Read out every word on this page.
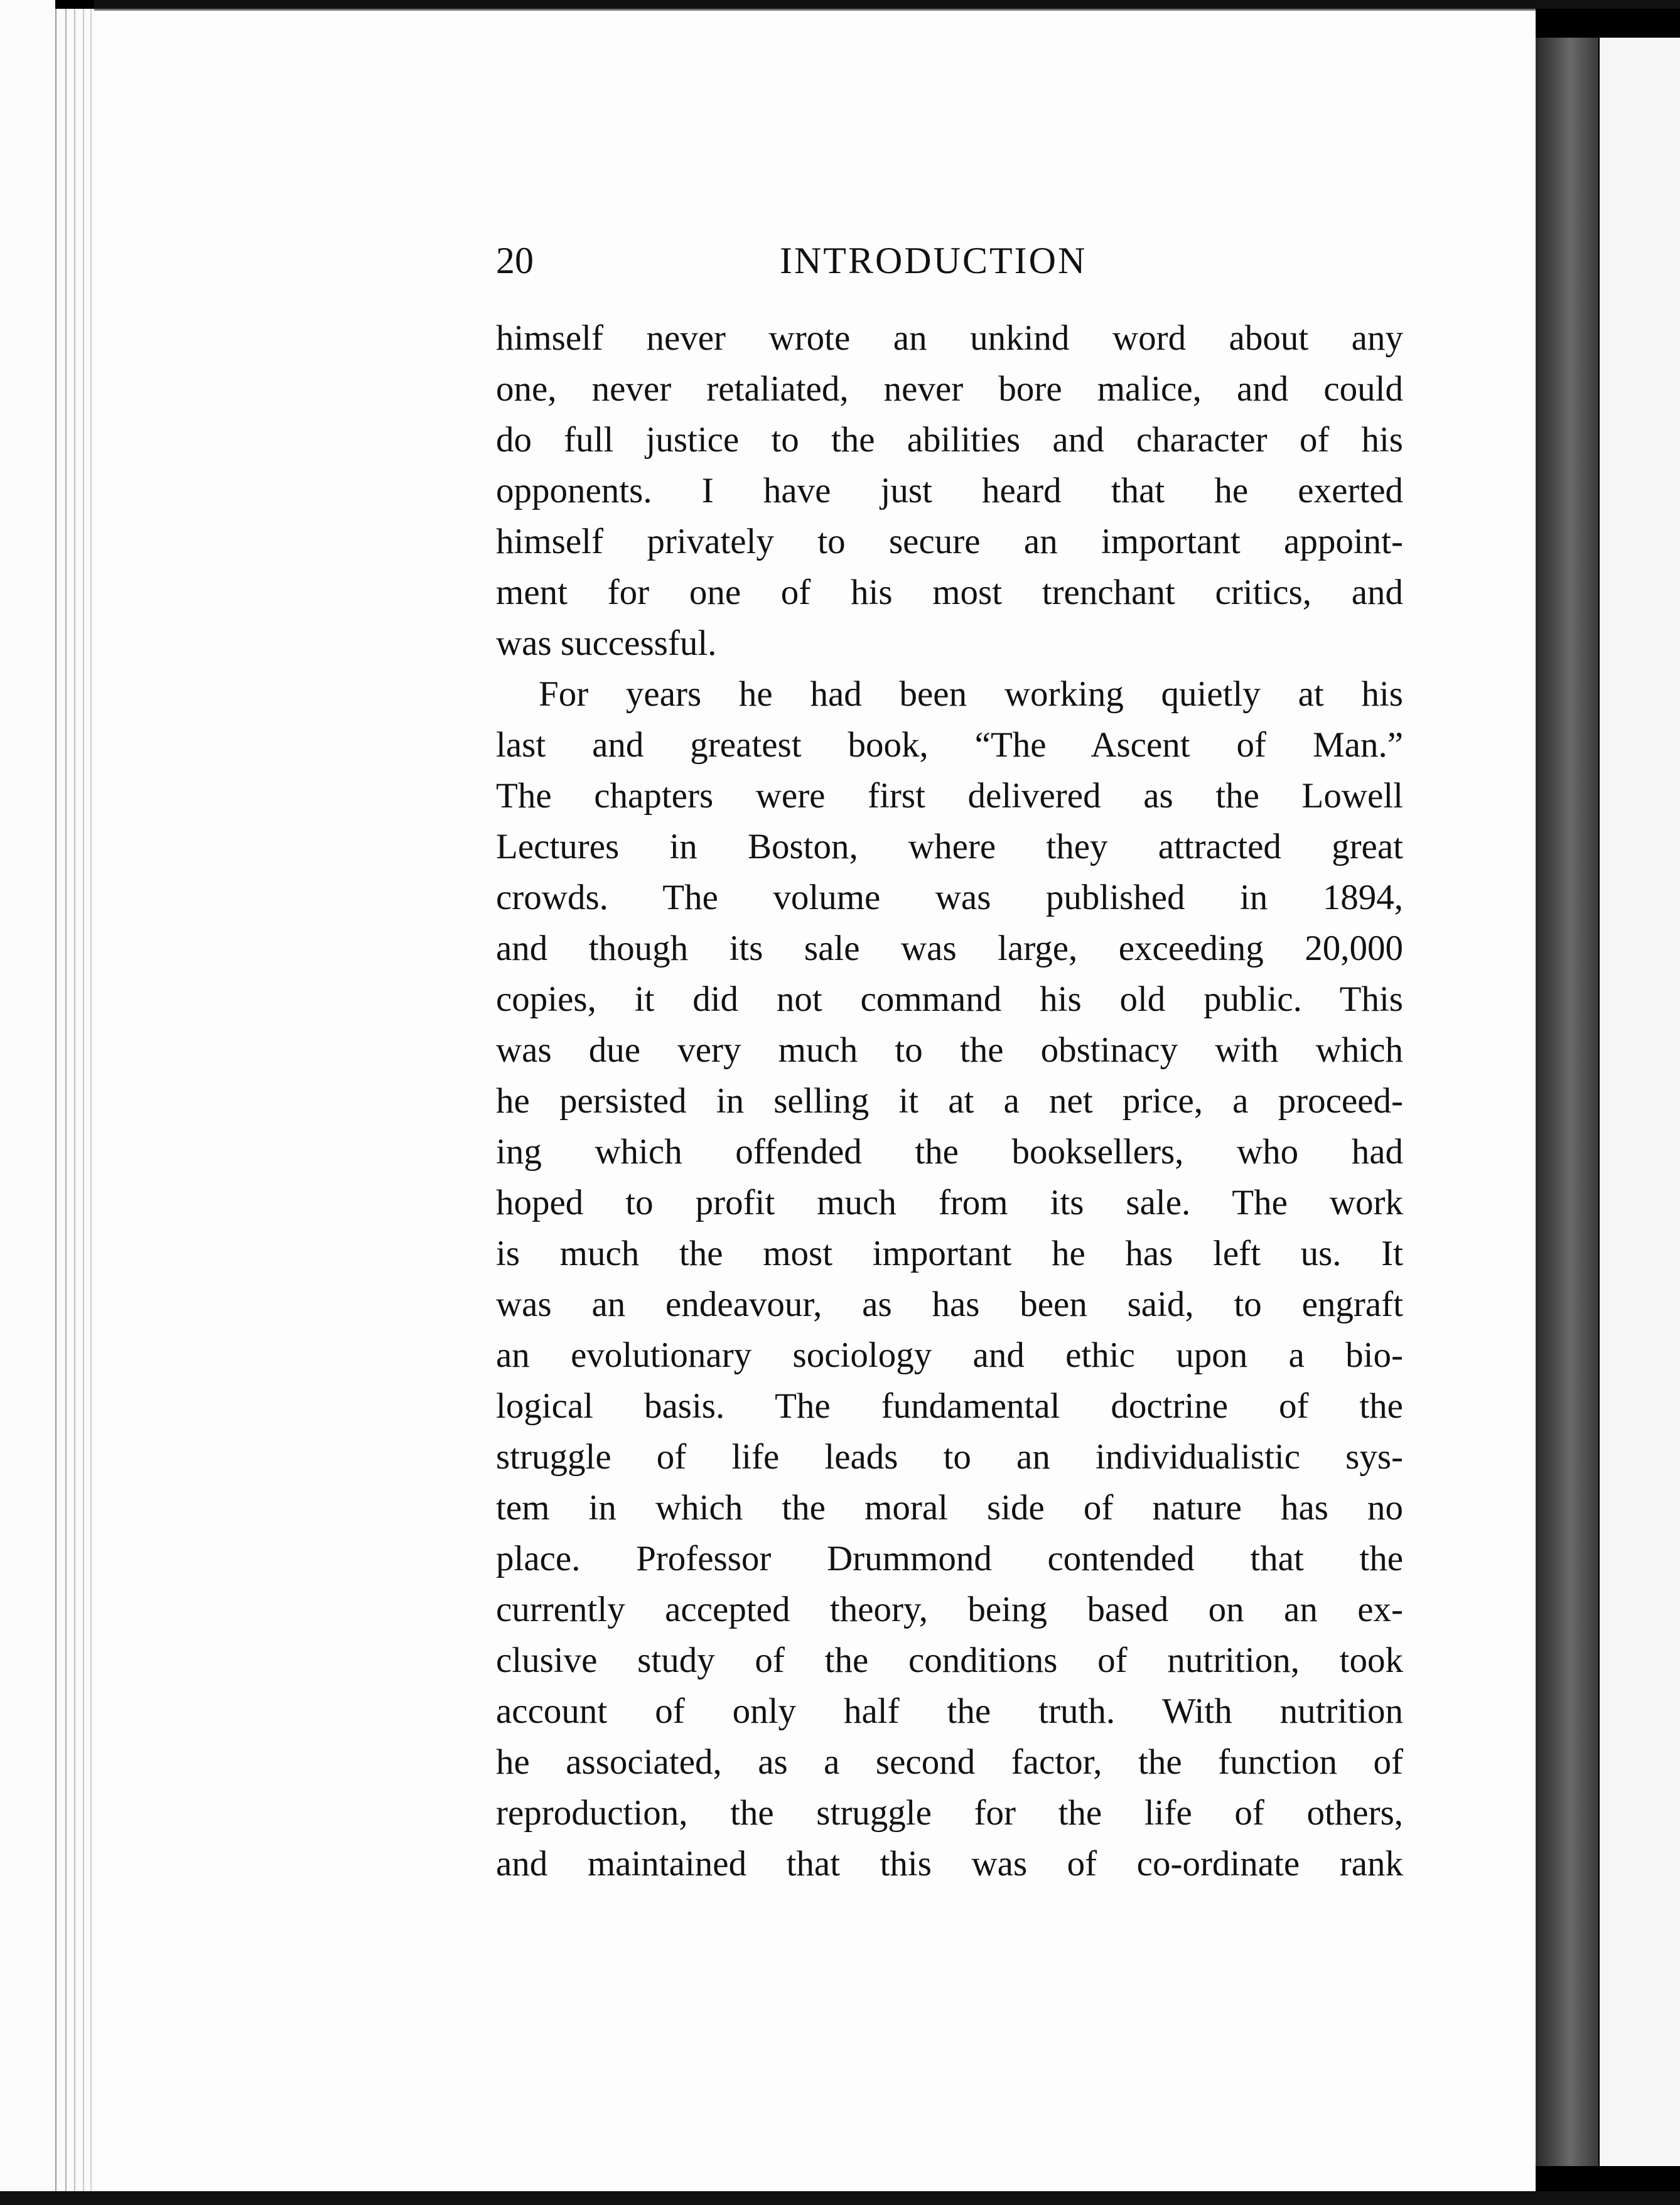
20	INTRODUCTION
himself never wrote an unkind word about any
one, never retaliated, never bore malice, and could
do full justice to the abilities and character of his
opponents. I have just heard that he exerted
himself privately to secure an important appoint-
ment for one of his most trenchant critics, and
was successful.
For years he had been working quietly at his
last and greatest book, “The Ascent of Man.”
The chapters were first delivered as the Lowell
Lectures in Boston, where they attracted great
crowds. The volume was published in 1894,
and though its sale was large, exceeding 20,000
copies, it did not command his old public. This
was due very much to the obstinacy with which
he persisted in selling it at a net price, a proceed-
ing which offended the booksellers, who had
hoped to profit much from its sale. The work
is much the most important he has left us. It
was an endeavour, as has been said, to engraft
an evolutionary sociology and ethic upon a bio-
logical basis. The fundamental doctrine of the
struggle of life leads to an individualistic sys-
tem in which the moral side of nature has no
place. Professor Drummond contended that the
currently accepted theory, being based on an ex-
clusive study of the conditions of nutrition, took
account of only half the truth. With nutrition
he associated, as a second factor, the function of
reproduction, the struggle for the life of others,
and maintained that this was of co-ordinate rank
